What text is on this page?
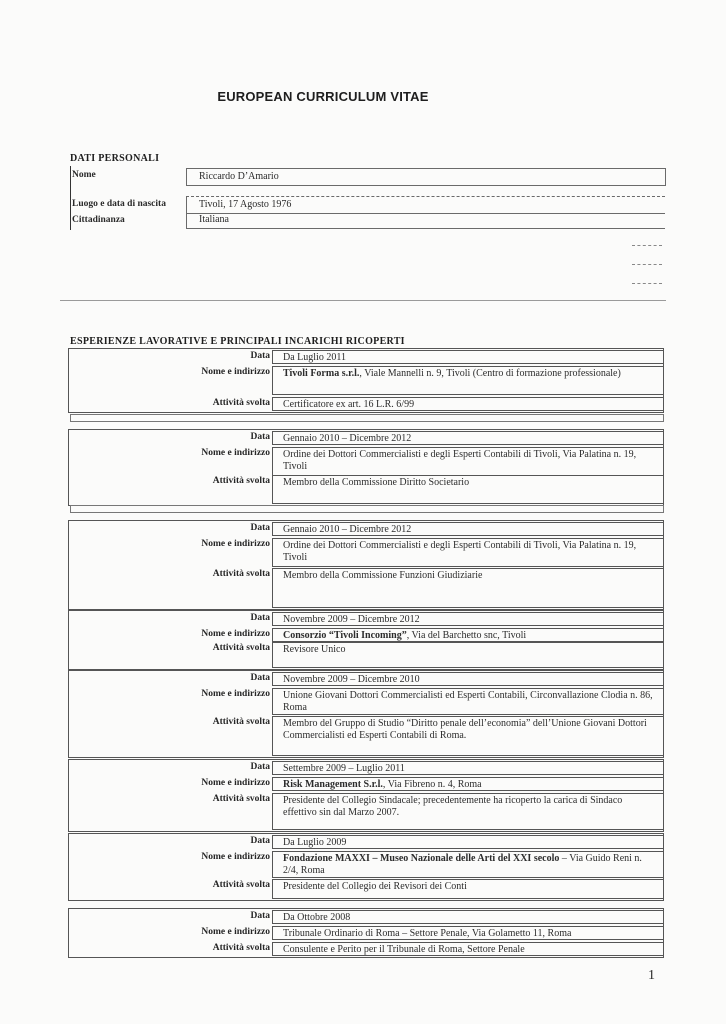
EUROPEAN CURRICULUM VITAE
DATI PERSONALI
Nome	Riccardo D’Amario
Luogo e data di nascita	Tivoli, 17 Agosto 1976
Cittadinanza	Italiana
ESPERIENZE LAVORATIVE E PRINCIPALI INCARICHI RICOPERTI
Data	Da Luglio 2011
Nome e indirizzo	Tivoli Forma s.r.l., Viale Mannelli n. 9, Tivoli (Centro di formazione professionale)
Attività svolta	Certificatore ex art. 16 L.R. 6/99
Data	Gennaio 2010 – Dicembre 2012
Nome e indirizzo	Ordine dei Dottori Commercialisti e degli Esperti Contabili di Tivoli, Via Palatina n. 19, Tivoli
Attività svolta	Membro della Commissione Diritto Societario
Data	Gennaio 2010 – Dicembre 2012
Nome e indirizzo	Ordine dei Dottori Commercialisti e degli Esperti Contabili di Tivoli, Via Palatina n. 19, Tivoli
Attività svolta	Membro della Commissione Funzioni Giudiziarie
Data	Novembre 2009 – Dicembre 2012
Nome e indirizzo	Consorzio “Tivoli Incoming”, Via del Barchetto snc, Tivoli
Attività svolta	Revisore Unico
Data	Novembre 2009 – Dicembre 2010
Nome e indirizzo	Unione Giovani Dottori Commercialisti ed Esperti Contabili, Circonvallazione Clodia n. 86, Roma
Attività svolta	Membro del Gruppo di Studio “Diritto penale dell’economia” dell’Unione Giovani Dottori Commercialisti ed Esperti Contabili di Roma.
Data	Settembre 2009 – Luglio 2011
Nome e indirizzo	Risk Management S.r.l., Via Fibreno n. 4, Roma
Attività svolta	Presidente del Collegio Sindacale; precedentemente ha ricoperto la carica di Sindaco effettivo sin dal Marzo 2007.
Data	Da Luglio 2009
Nome e indirizzo	Fondazione MAXXI – Museo Nazionale delle Arti del XXI secolo – Via Guido Reni n. 2/4, Roma
Attività svolta	Presidente del Collegio dei Revisori dei Conti
Data	Da Ottobre 2008
Nome e indirizzo	Tribunale Ordinario di Roma – Settore Penale, Via Golametto 11, Roma
Attività svolta	Consulente e Perito per il Tribunale di Roma, Settore Penale
1
